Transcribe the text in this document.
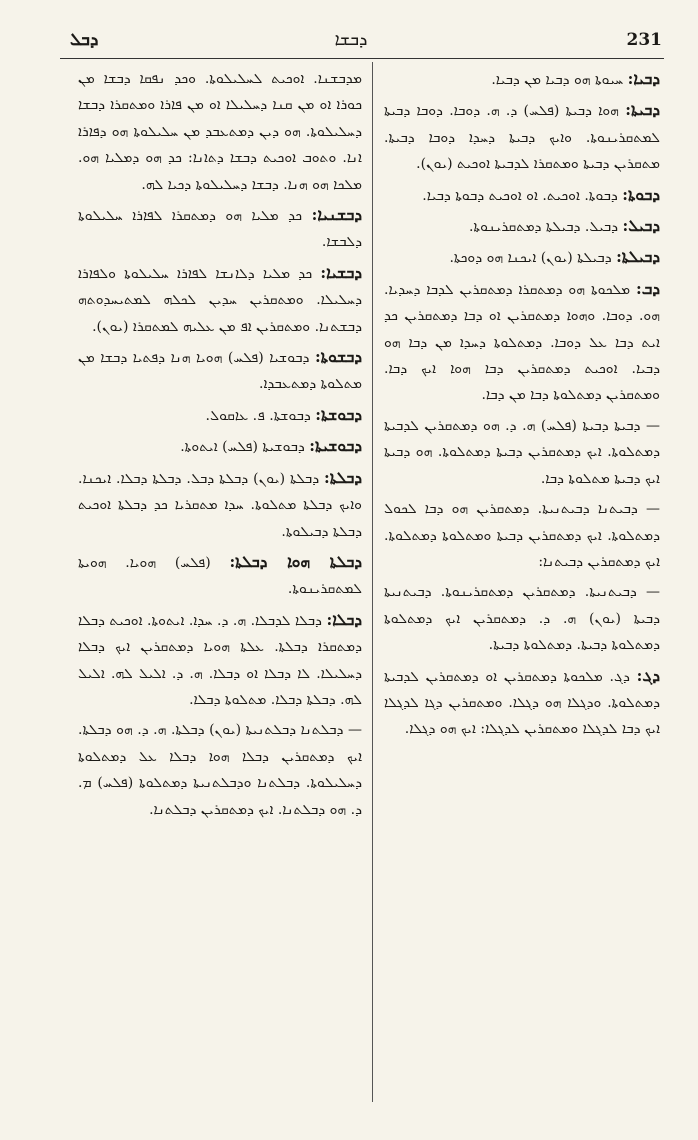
ܕܒܠ	ܕܒܫܐ	231
ܡܕܒܫܢܐ. ܐܘܟܝܬ ܠܚܠܝܠܘܬܐ. ܘܟܕ ܢܦܩܐ ܕܒܫܐ ܡܢ ܟܘܪܐ ܐܘ ܡܢ ܩܢܐ ܕܚܠܝܠܐ ܐܘ ܡܢ ܦܐܪܐ ܘܡܬܩܪܐ ܕܒܫܐ ܕܚܠܝܠܘܬܐ. ܗܘ ܕܝܢ ܕܡܬܥܒܕ ܡܢ ܚܠܝܠܘܬܐ ܗܘ ܕܦܐܪܐ ܐܢܐ. ܘܬܘܒ ܐܘܟܝܬ ܕܒܫܐ ܕܬܐܢܐ: ܟܕ ܗܘ ܕܡܠܝܐ ܗܘ. ܡܠܟܐ ܗܘ ܗܢܐ. ܕܒܫܐ ܕܚܠܝܠܘܬܐ ܕܟܝܐ ܠܗ.
ܕܒܫܢܝܐ: ܟܕ ܡܠܝܐ ܗܘ ܕܡܬܩܪܐ ܠܦܐܪܐ ܚܠܝܠܘܬܐ ܕܠܒܫܐ.
ܕܒܫܝܐ: ܟܕ ܡܠܝܐ ܕܠܐܢܫܐ ܠܦܐܪܐ ܚܠܝܠܘܬܐ ܘܠܦܐܪܐ ܕܚܠܝܠܐ. ܘܡܬܩܪܝܢ ܚܕܝܢ ܠܟܠܗ ܠܡܬܝܚܕܘܬܗ ܕܒܫܬܢܐ. ܘܡܬܩܪܝܢ ܐܦ ܡܢ ܥܠܝܗ ܠܡܬܩܪܐ (ܝܘܢ).
ܕܒܫܘܬܐ: ܕܒܘܫܝܐ (ܦܠܚ) ܗܘܝܐ ܗܢܐ ܕܦܬܝܐ ܕܒܫܐ ܡܢ ܡܬܠܘܬܐ ܕܡܬܥܒܕܐ.
ܕܒܘܫܬܐ: ܕܒܘܫܬܐ. ܦ. ܥܐܩܘܠ.
ܕܒܘܫܝܬܐ: ܕܒܘܫܝܬܐ (ܦܠܚ) ܐܝܬܘܬܐ.
ܕܒܠܬܐ: ܕܒܠܬܐ (ܝܘܢ) ܕܒܠܬܐ ܕܒܠ. ܕܒܠܬܐ ܕܒܠܐ. ܐܝܟܢܐ. ܘܐܝܟ ܕܒܠܬܐ ܡܬܠܘܬܐ. ܚܕܐ ܡܬܩܪܝܐ ܟܕ ܕܒܠܬܐ ܐܘܟܝܬ ܕܒܠܬܐ ܕܒܝܠܘܬܐ.
ܕܒܠܬܐ ܗܘܐ ܕܒܠܬܐ: (ܦܠܚ) ܗܘܝܐ. ܗܘܝܬܐ ܠܡܬܩܪܝܢܘܬܐ.
ܕܒܠܐ: ܕܒܠܐ ܠܕܒܠܐ. ܗ. ܕ. ܚܕܐ. ܐܝܬܘܬܐ. ܐܘܟܝܬ ܕܒܠܐ ܕܡܬܩܪܐ ܕܒܠܬܐ. ܥܠܬܐ ܗܘܝܐ ܕܡܬܩܪܝܢ ܐܝܟ ܕܒܠܐ ܕܚܠܝܠܐ. ܠܐ ܕܒܠܐ ܐܘ ܕܒܠܐ. ܗ. ܕ. ܐܠܝܠ ܠܗ. ܐܠܝܠ ܠܗ. ܕܒܠܬܐ ܕܒܠܐ. ܡܬܠܘܬܐ ܕܒܠܐ.
— ܕܒܠܬܢܐ ܕܒܠܬܢܝܬܐ (ܝܘܢ) ܕܒܠܬܐ. ܗ. ܕ. ܗܘ ܕܒܠܬܐ. ܐܝܟ ܕܡܬܩܪܝܢ ܕܒܠܐ ܗܘܐ ܕܒܠܐ ܥܠ ܕܡܬܠܘܬܐ ܕܚܠܝܠܘܬܐ. ܕܒܠܬܢܐ ܘܕܒܠܬܢܝܬܐ ܕܡܬܠܘܬܐ (ܦܠܚ) ܡ. ܕ. ܗܘ ܕܒܠܬܢܐ. ܐܝܟ ܕܡܬܩܪܝܢ ܕܒܠܬܢܐ.
ܕܒܝܐ: ܚܝܘܬܐ ܗܘ ܕܒܝܐ ܡܢ ܕܒܝܐ.
ܕܒܝܬܐ: ܗܘܐ ܕܒܝܬܐ (ܦܠܚ) ܕ. ܗ. ܕܘܒܐ. ܕܘܒܐ ܕܒܝܬܐ ܠܡܬܩܪܝܢܘܬܐ. ܘܐܝܟ ܕܒܝܬܐ ܕܚܕܐ ܕܘܒܐ ܕܒܝܬܐ. ܡܬܩܪܝܢ ܕܒܝܬܐ ܘܡܬܩܪܐ ܠܕܒܝܬܐ ܐܘܟܝܬ (ܝܘܢ).
ܕܒܘܬܐ: ܕܒܘܬܐ. ܐܘܟܝܬ. ܐܘ ܐܘܟܝܬ ܕܒܘܬܐ ܕܒܝܐ.
ܕܒܝܠ: ܕܒܝܠ. ܕܒܝܠܬܐ ܕܡܬܩܪܝܢܘܬܐ.
ܕܒܝܠܬܐ: ܕܒܝܠܬܐ (ܝܘܢ) ܐܝܟܢܐ ܗܘ ܕܘܟܬܐ.
ܕܒ: ܡܠܟܘܬܐ ܗܘ ܕܡܬܩܪܐ ܕܡܬܩܪܝܢ ܠܕܒܐ ܕܚܕܝܐ. ܗܘ. ܕܘܒܐ. ܘܗܘܐ ܕܡܬܩܪܝܢ ܐܘ ܕܒܐ ܕܡܬܩܪܝܢ ܟܕ ܐܝܬ ܕܒܐ ܥܠ ܕܘܒܐ. ܕܡܬܠܘܬܐ ܕܚܕܐ ܡܢ ܕܒܐ ܗܘ ܕܒܝܐ. ܐܘܟܝܬ ܕܡܬܩܪܝܢ ܕܒܐ ܗܘܐ ܐܝܟ ܕܒܐ. ܘܡܬܩܪܝܢ ܕܡܬܠܘܬܐ ܕܒܐ ܡܢ ܕܒܐ.
— ܕܒܝܬܐ ܕܒܝܬܐ (ܦܠܚ) ܗ. ܕ. ܗܘ ܕܡܬܩܪܝܢ ܠܕܒܝܬܐ ܕܡܬܠܘܬܐ. ܐܝܟ ܕܡܬܩܪܝܢ ܕܒܝܬܐ ܕܡܬܠܘܬܐ. ܗܘ ܕܒܝܬܐ ܐܝܟ ܕܒܝܬܐ ܡܬܠܘܬܐ ܕܒܐ.
— ܕܒܝܬܢܐ ܕܒܝܬܢܝܬܐ. ܕܡܬܩܪܝܢ ܗܘ ܕܒܐ ܠܟܘܠ ܕܡܬܠܘܬܐ. ܐܝܟ ܕܡܬܩܪܝܢ ܕܒܝܬܐ ܘܡܬܠܘܬܐ ܕܡܬܠܘܬܐ. ܐܝܟ ܕܡܬܩܪܝܢ ܕܒܝܬܢܐ:
— ܕܒܝܬܢܝܬܐ. ܕܡܬܩܪܝܢ ܕܡܬܩܪܝܢܘܬܐ. ܕܒܝܬܢܝܬܐ ܕܒܝܬܐ (ܝܘܢ) ܗ. ܕ. ܕܡܬܩܪܝܢ ܐܝܟ ܕܡܬܠܘܬܐ ܕܡܬܠܘܬܐ ܕܒܝܬܐ. ܕܡܬܠܘܬܐ ܕܒܝܬܐ.
ܕܓ: ܕܓ. ܡܠܟܘܬܐ ܕܡܬܩܪܝܢ ܐܘ ܕܡܬܩܪܝܢ ܠܕܒܝܬܐ ܕܡܬܠܘܬܐ. ܘܕܓܠܐ ܗܘ ܕܓܠܐ. ܘܡܬܩܪܝܢ ܕܓܐ ܠܕܓܠܐ ܐܝܟ ܕܒܐ ܠܕܓܠܐ ܘܡܬܩܪܝܢ ܠܕܓܠܐ: ܐܝܟ ܗܘ ܕܓܠܐ.
